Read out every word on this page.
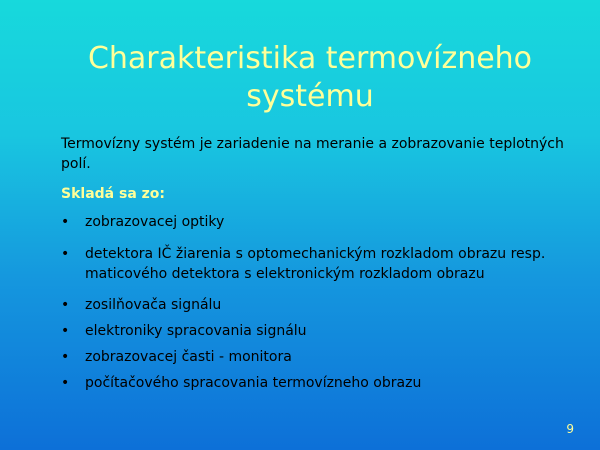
Charakteristika termovízneho systému

Termovízny systém je zariadenie na meranie a zobrazovanie teplotných polí.

Skladá sa zo:

• zobrazovacej optiky
• detektora IČ žiarenia s optomechanickým rozkladom obrazu resp. maticového detektora s elektronickým rozkladom obrazu
• zosilňovača signálu
• elektroniky spracovania signálu
• zobrazovacej časti - monitora
• počítačového spracovania termovízneho obrazu
9
